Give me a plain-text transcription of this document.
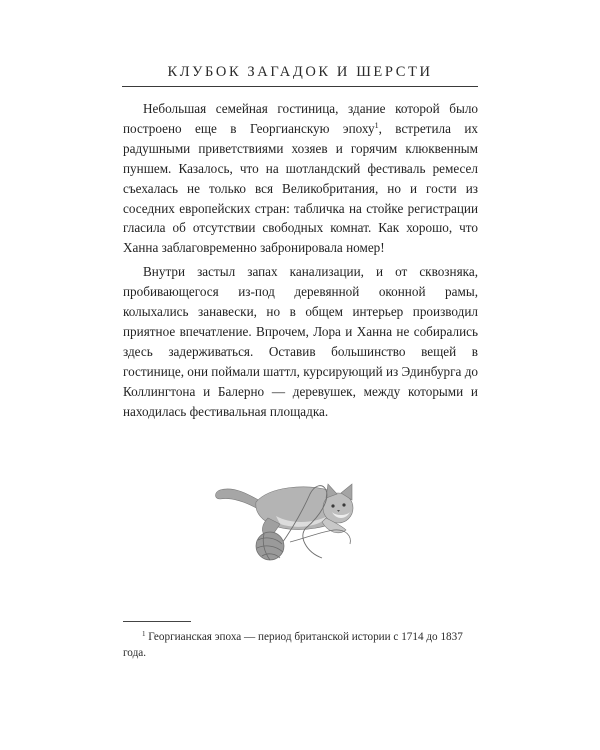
КЛУБОК ЗАГАДОК И ШЕРСТИ

Небольшая семейная гостиница, здание которой было построено еще в Георгианскую эпоху$^1$, встретила их радушными приветствиями хозяев и горячим клюквенным пуншем. Казалось, что на шотландский фестиваль ремесел съехалась не только вся Великобритания, но и гости из соседних европейских стран: табличка на стойке регистрации гласила об отсутствии свободных комнат. Как хорошо, что Ханна заблаговременно забронировала номер!

Внутри застыл запах канализации, и от сквозняка, пробивающегося из-под деревянной оконной рамы, колыхались занавески, но в общем интерьер производил приятное впечатление. Впрочем, Лора и Ханна не собирались здесь задерживаться. Оставив большинство вещей в гостинице, они поймали шаттл, курсирующий из Эдинбурга до Коллингтона и Балерно — деревушек, между которыми и находилась фестивальная площадка.

$^1$ Георгианская эпоха — период британской истории с 1714 до 1837 года.
